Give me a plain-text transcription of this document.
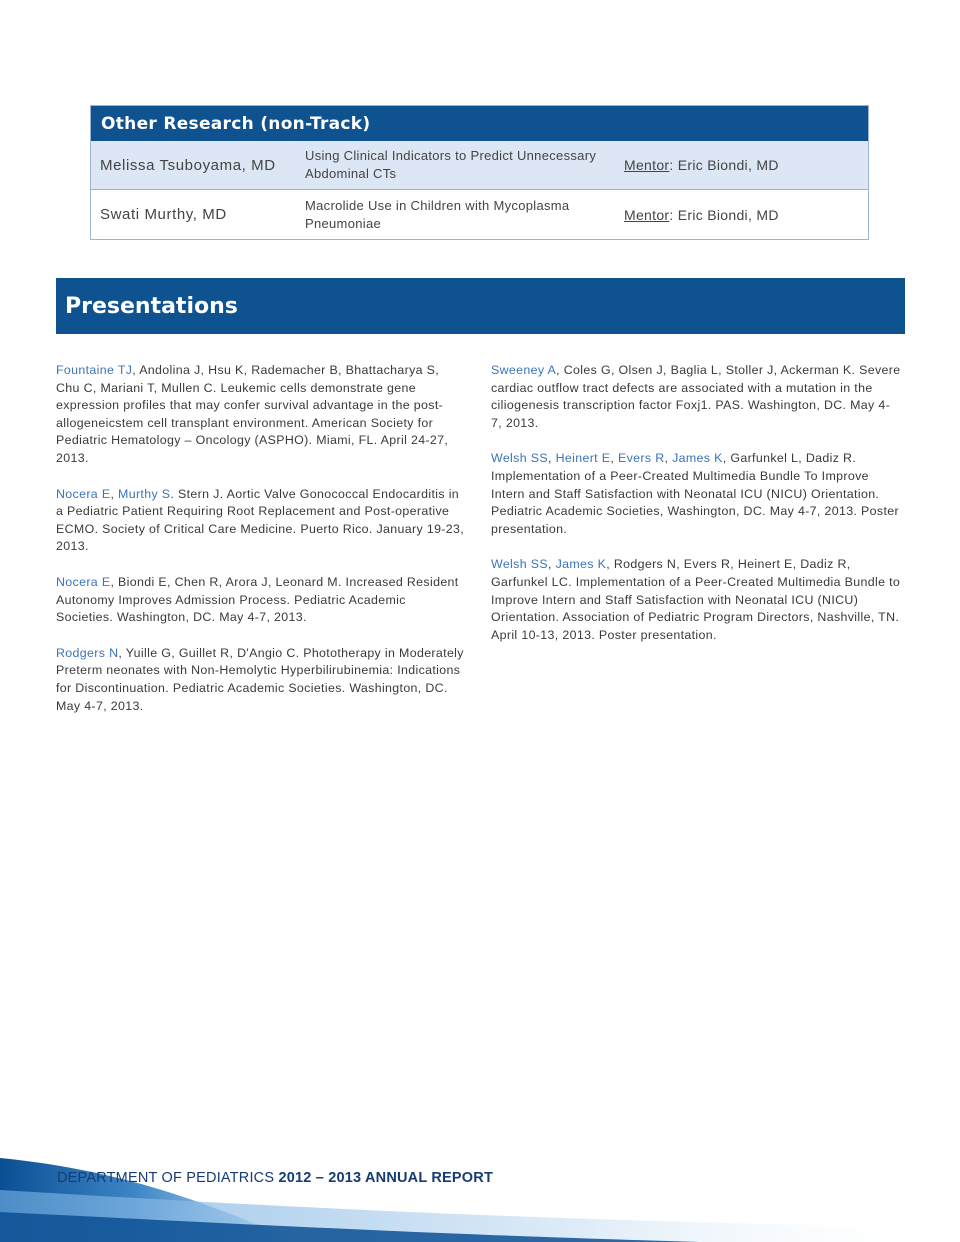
Other Research (non-Track)
Melissa Tsuboyama, MD
Using Clinical Indicators to Predict Unnecessary Abdominal CTs
Mentor: Eric Biondi, MD
Swati Murthy, MD
Macrolide Use in Children with Mycoplasma Pneumoniae
Mentor: Eric Biondi, MD
Presentations

Fountaine TJ, Andolina J, Hsu K, Rademacher B, Bhattacharya S, Chu C, Mariani T, Mullen C. Leukemic cells demonstrate gene expression profiles that may confer survival advantage in the post-allogeneicstem cell transplant environment. American Society for Pediatric Hematology – Oncology (ASPHO). Miami, FL. April 24-27, 2013.

Nocera E, Murthy S. Stern J. Aortic Valve Gonococcal Endocarditis in a Pediatric Patient Requiring Root Replacement and Post-operative ECMO. Society of Critical Care Medicine. Puerto Rico. January 19-23, 2013.

Nocera E, Biondi E, Chen R, Arora J, Leonard M. Increased Resident Autonomy Improves Admission Process. Pediatric Academic Societies. Washington, DC. May 4-7, 2013.

Rodgers N, Yuille G, Guillet R, D'Angio C. Phototherapy in Moderately Preterm neonates with Non-Hemolytic Hyperbilirubinemia: Indications for Discontinuation. Pediatric Academic Societies. Washington, DC. May 4-7, 2013.

Sweeney A, Coles G, Olsen J, Baglia L, Stoller J, Ackerman K. Severe cardiac outflow tract defects are associated with a mutation in the ciliogenesis transcription factor Foxj1. PAS. Washington, DC. May 4-7, 2013.

Welsh SS, Heinert E, Evers R, James K, Garfunkel L, Dadiz R. Implementation of a Peer-Created Multimedia Bundle To Improve Intern and Staff Satisfaction with Neonatal ICU (NICU) Orientation. Pediatric Academic Societies, Washington, DC. May 4-7, 2013. Poster presentation.

Welsh SS, James K, Rodgers N, Evers R, Heinert E, Dadiz R, Garfunkel LC. Implementation of a Peer-Created Multimedia Bundle to Improve Intern and Staff Satisfaction with Neonatal ICU (NICU) Orientation. Association of Pediatric Program Directors, Nashville, TN. April 10-13, 2013. Poster presentation.

DEPARTMENT OF PEDIATRICS 2012 – 2013 ANNUAL REPORT
